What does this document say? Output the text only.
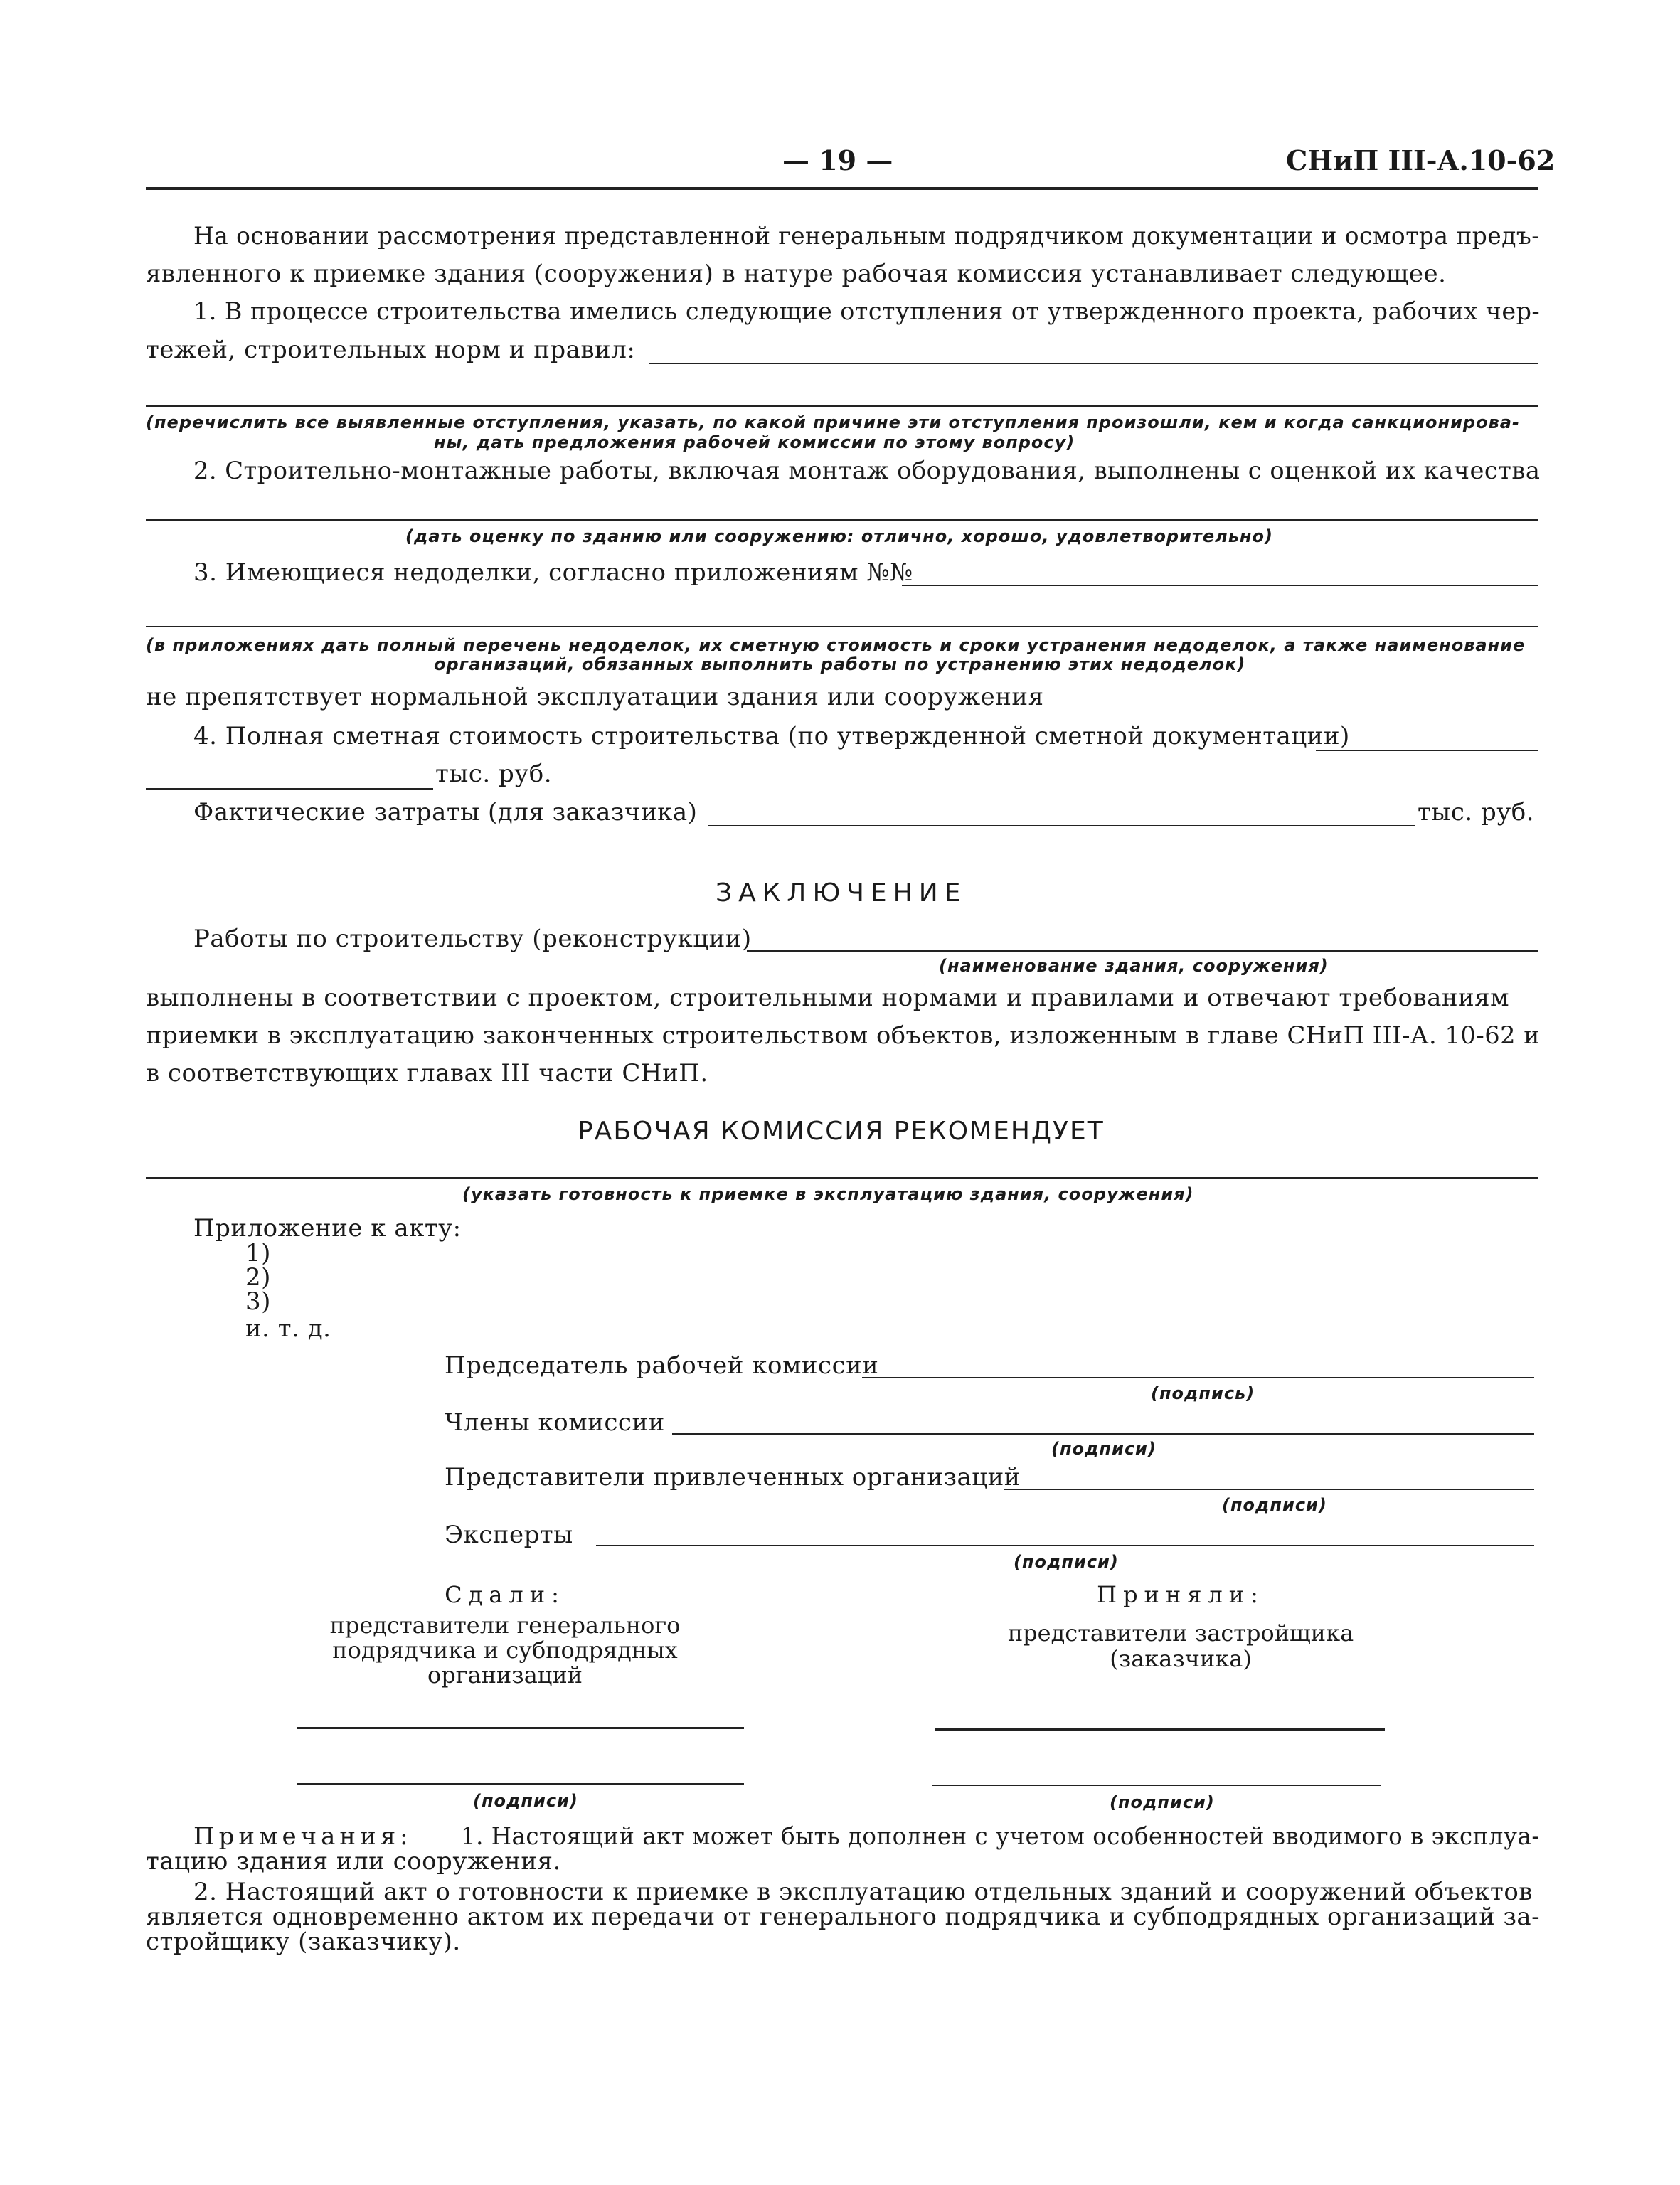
— 19 —	СНиП III-А.10-62
На основании рассмотрения представленной генеральным подрядчиком документации и осмотра предъ-
явленного к приемке здания (сооружения) в натуре рабочая комиссия устанавливает следующее.
1. В процессе строительства имелись следующие отступления от утвержденного проекта, рабочих чер-
тежей, строительных норм и правил:
(перечислить все выявленные отступления, указать, по какой причине эти отступления произошли, кем и когда санкционирова-
ны, дать предложения рабочей комиссии по этому вопросу)
2. Строительно-монтажные работы, включая монтаж оборудования, выполнены с оценкой их качества
(дать оценку по зданию или сооружению: отлично, хорошо, удовлетворительно)
3. Имеющиеся недоделки, согласно приложениям №№
(в приложениях дать полный перечень недоделок, их сметную стоимость и сроки устранения недоделок, а также наименование
организаций, обязанных выполнить работы по устранению этих недоделок)
не препятствует нормальной эксплуатации здания или сооружения
4. Полная сметная стоимость строительства (по утвержденной сметной документации)
тыс. руб.
Фактические затраты (для заказчика)	тыс. руб.
ЗАКЛЮЧЕНИЕ
Работы по строительству (реконструкции)
(наименование здания, сооружения)
выполнены в соответствии с проектом, строительными нормами и правилами и отвечают требованиям
приемки в эксплуатацию законченных строительством объектов, изложенным в главе СНиП III-А. 10-62 и
в соответствующих главах III части СНиП.
РАБОЧАЯ КОМИССИЯ РЕКОМЕНДУЕТ
(указать готовность к приемке в эксплуатацию здания, сооружения)
Приложение к акту:
1)
2)
3)
и. т. д.
Председатель рабочей комиссии
(подпись)
Члены комиссии
(подписи)
Представители привлеченных организаций
(подписи)
Эксперты
(подписи)
Сдали:
представители генерального
подрядчика и субподрядных
организаций
(подписи)
Приняли:
представители застройщика
(заказчика)
(подписи)
Примечания: 1. Настоящий акт может быть дополнен с учетом особенностей вводимого в эксплуа-
тацию здания или сооружения.
2. Настоящий акт о готовности к приемке в эксплуатацию отдельных зданий и сооружений объектов
является одновременно актом их передачи от генерального подрядчика и субподрядных организаций за-
стройщику (заказчику).
